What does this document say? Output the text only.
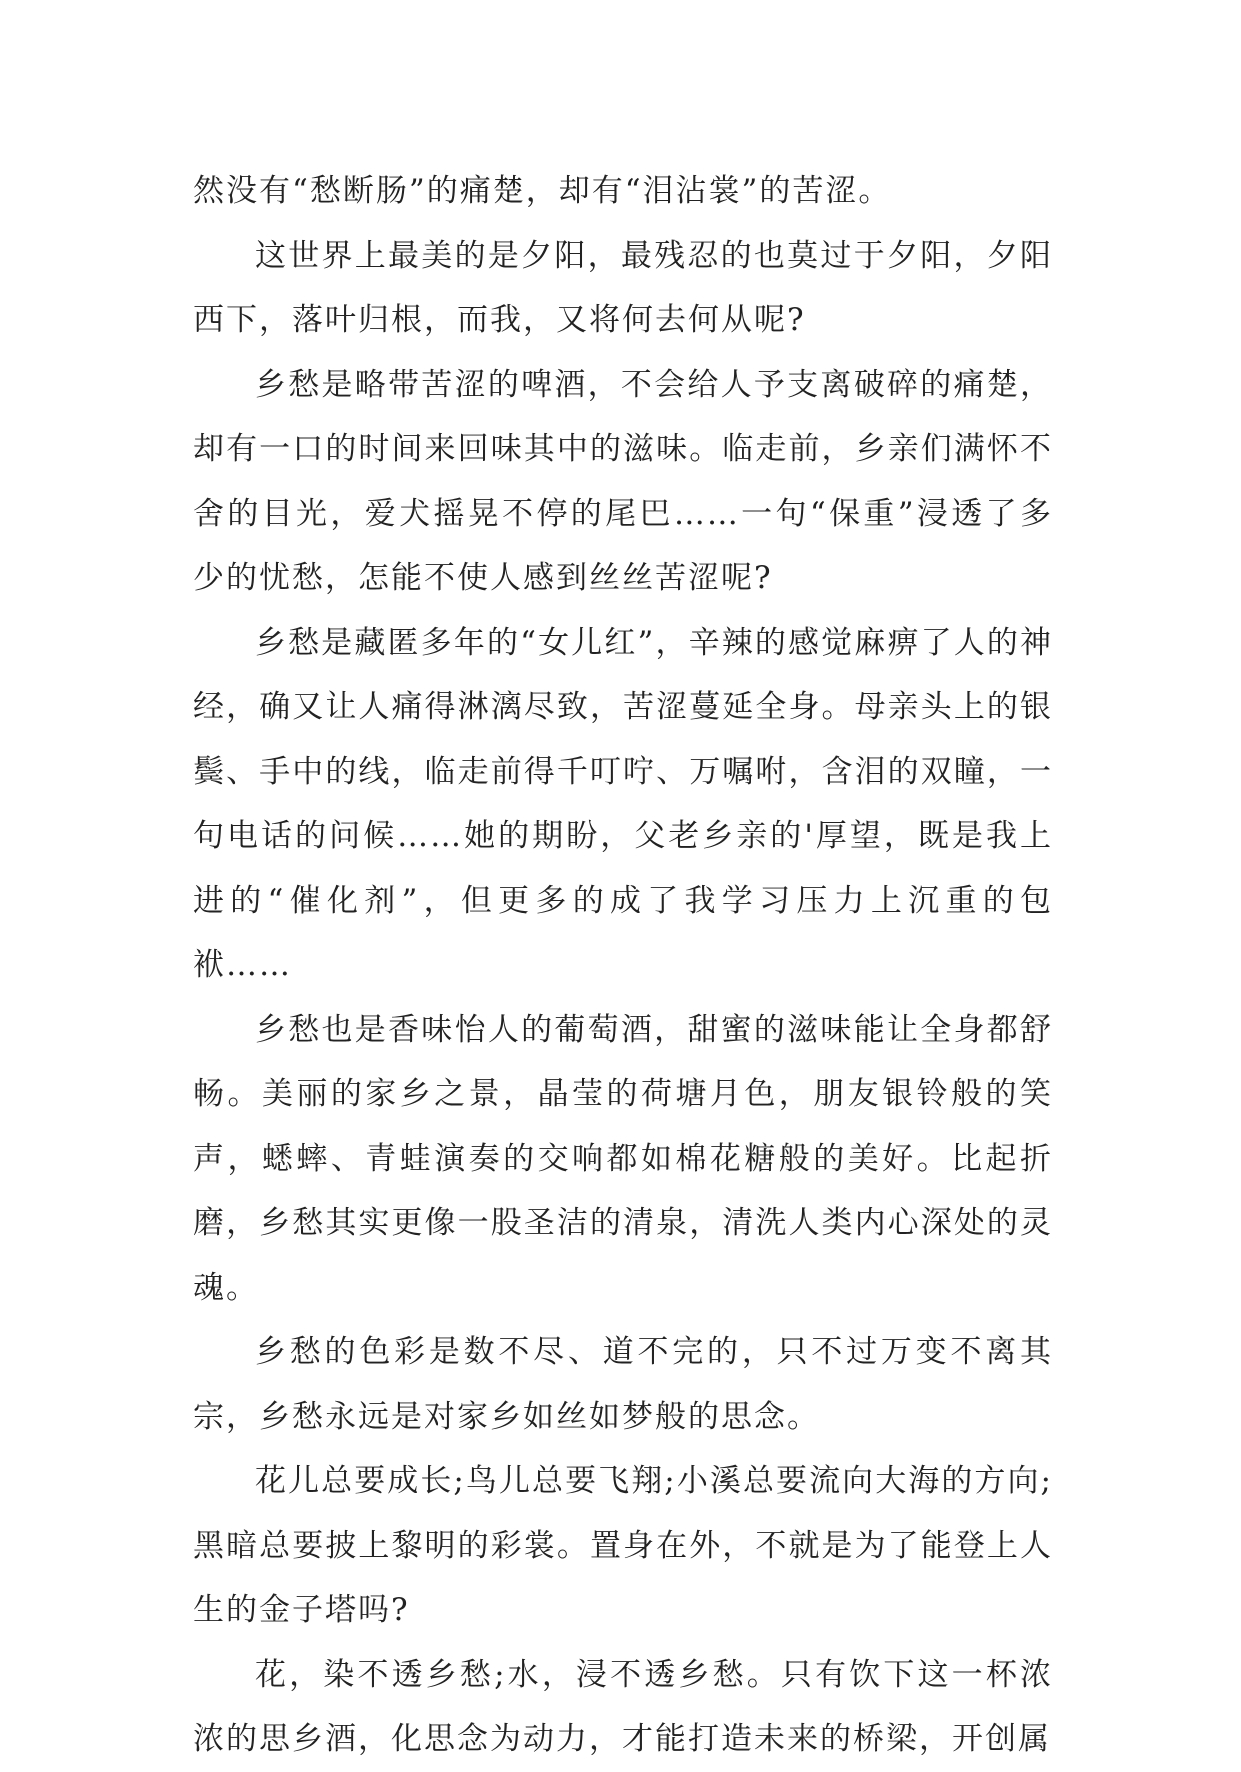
然没有“愁断肠”的痛楚，却有“泪沾裳”的苦涩。

这世界上最美的是夕阳，最残忍的也莫过于夕阳，夕阳西下，落叶归根，而我，又将何去何从呢?

乡愁是略带苦涩的啤酒，不会给人予支离破碎的痛楚，却有一口的时间来回味其中的滋味。临走前，乡亲们满怀不舍的目光，爱犬摇晃不停的尾巴……一句“保重”浸透了多少的忧愁，怎能不使人感到丝丝苦涩呢?

乡愁是藏匿多年的“女儿红”，辛辣的感觉麻痹了人的神经，确又让人痛得淋漓尽致，苦涩蔓延全身。母亲头上的银鬓、手中的线，临走前得千叮咛、万嘱咐，含泪的双瞳，一句电话的问候……她的期盼，父老乡亲的'厚望，既是我上进的“催化剂”，但更多的成了我学习压力上沉重的包袱……

乡愁也是香味怡人的葡萄酒，甜蜜的滋味能让全身都舒畅。美丽的家乡之景，晶莹的荷塘月色，朋友银铃般的笑声，蟋蟀、青蛙演奏的交响都如棉花糖般的美好。比起折磨，乡愁其实更像一股圣洁的清泉，清洗人类内心深处的灵魂。

乡愁的色彩是数不尽、道不完的，只不过万变不离其宗，乡愁永远是对家乡如丝如梦般的思念。

花儿总要成长;鸟儿总要飞翔;小溪总要流向大海的方向;黑暗总要披上黎明的彩裳。置身在外，不就是为了能登上人生的金子塔吗?

花，染不透乡愁;水，浸不透乡愁。只有饮下这一杯浓浓的思乡酒，化思念为动力，才能打造未来的桥梁，开创属
